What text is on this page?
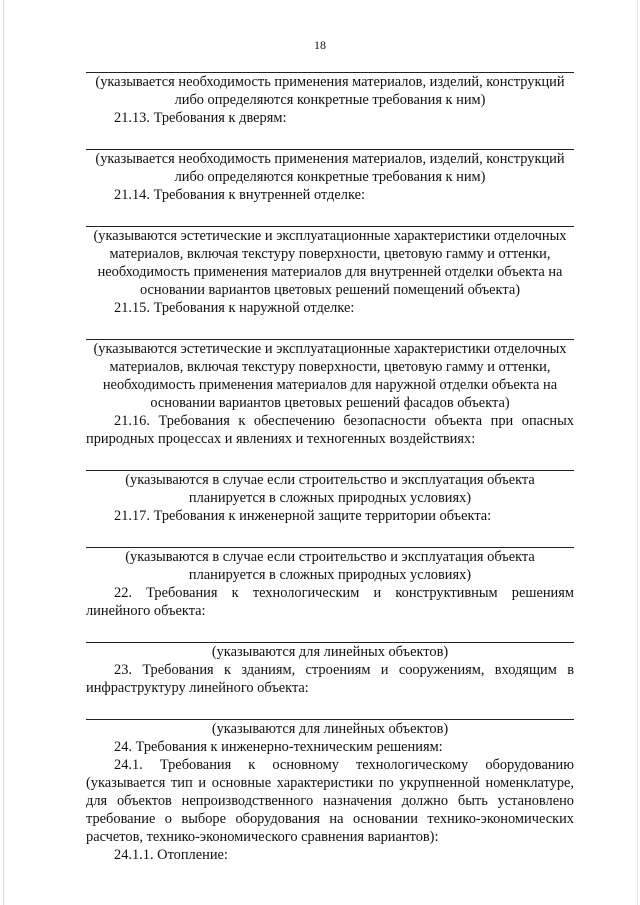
18
(указывается необходимость применения материалов, изделий, конструкций либо определяются конкретные требования к ним)
21.13. Требования к дверям:
(указывается необходимость применения материалов, изделий, конструкций либо определяются конкретные требования к ним)
21.14. Требования к внутренней отделке:
(указываются эстетические и эксплуатационные характеристики отделочных материалов, включая текстуру поверхности, цветовую гамму и оттенки, необходимость применения материалов для внутренней отделки объекта на основании вариантов цветовых решений помещений объекта)
21.15. Требования к наружной отделке:
(указываются эстетические и эксплуатационные характеристики отделочных материалов, включая текстуру поверхности, цветовую гамму и оттенки, необходимость применения материалов для наружной отделки объекта на основании вариантов цветовых решений фасадов объекта)
21.16. Требования к обеспечению безопасности объекта при опасных природных процессах и явлениях и техногенных воздействиях:
(указываются в случае если строительство и эксплуатация объекта планируется в сложных природных условиях)
21.17. Требования к инженерной защите территории объекта:
(указываются в случае если строительство и эксплуатация объекта планируется в сложных природных условиях)
22. Требования к технологическим и конструктивным решениям линейного объекта:
(указываются для линейных объектов)
23. Требования к зданиям, строениям и сооружениям, входящим в инфраструктуру линейного объекта:
(указываются для линейных объектов)
24. Требования к инженерно-техническим решениям:
24.1. Требования к основному технологическому оборудованию (указывается тип и основные характеристики по укрупненной номенклатуре, для объектов непроизводственного назначения должно быть установлено требование о выборе оборудования на основании технико-экономических расчетов, технико-экономического сравнения вариантов):
24.1.1. Отопление:
